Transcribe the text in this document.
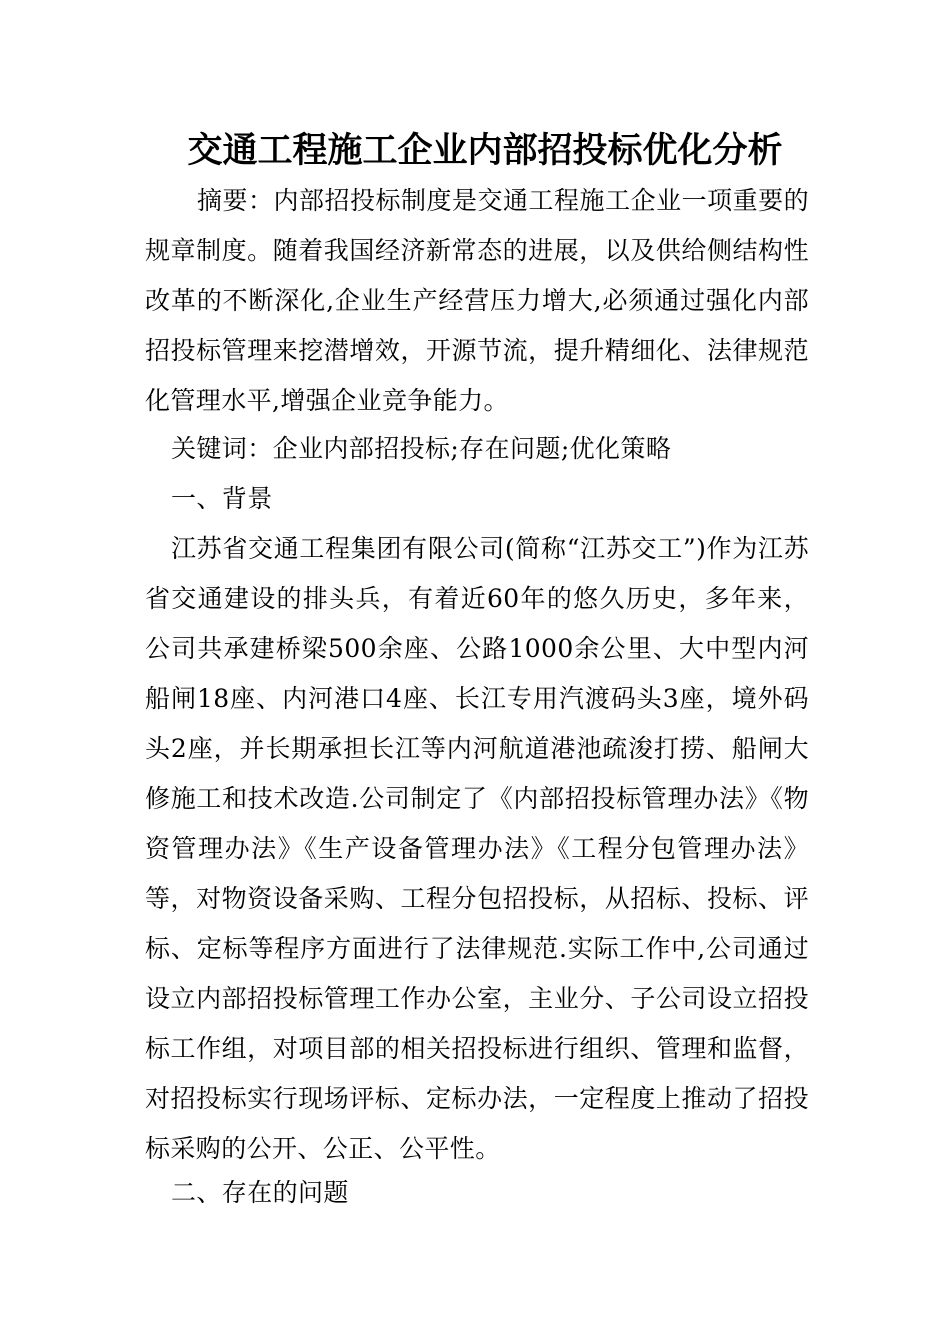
交通工程施工企业内部招投标优化分析

摘要：内部招投标制度是交通工程施工企业一项重要的规章制度。随着我国经济新常态的进展，以及供给侧结构性改革的不断深化,企业生产经营压力增大,必须通过强化内部招投标管理来挖潜增效，开源节流，提升精细化、法律规范化管理水平,增强企业竞争能力。

关键词：企业内部招投标;存在问题;优化策略

一、背景

江苏省交通工程集团有限公司(简称“江苏交工”)作为江苏省交通建设的排头兵，有着近60年的悠久历史，多年来，公司共承建桥梁500余座、公路1000余公里、大中型内河船闸18座、内河港口4座、长江专用汽渡码头3座，境外码头2座，并长期承担长江等内河航道港池疏浚打捞、船闸大修施工和技术改造.公司制定了《内部招投标管理办法》《物资管理办法》《生产设备管理办法》《工程分包管理办法》等，对物资设备采购、工程分包招投标，从招标、投标、评标、定标等程序方面进行了法律规范.实际工作中,公司通过设立内部招投标管理工作办公室，主业分、子公司设立招投标工作组，对项目部的相关招投标进行组织、管理和监督，对招投标实行现场评标、定标办法，一定程度上推动了招投标采购的公开、公正、公平性。

二、存在的问题
